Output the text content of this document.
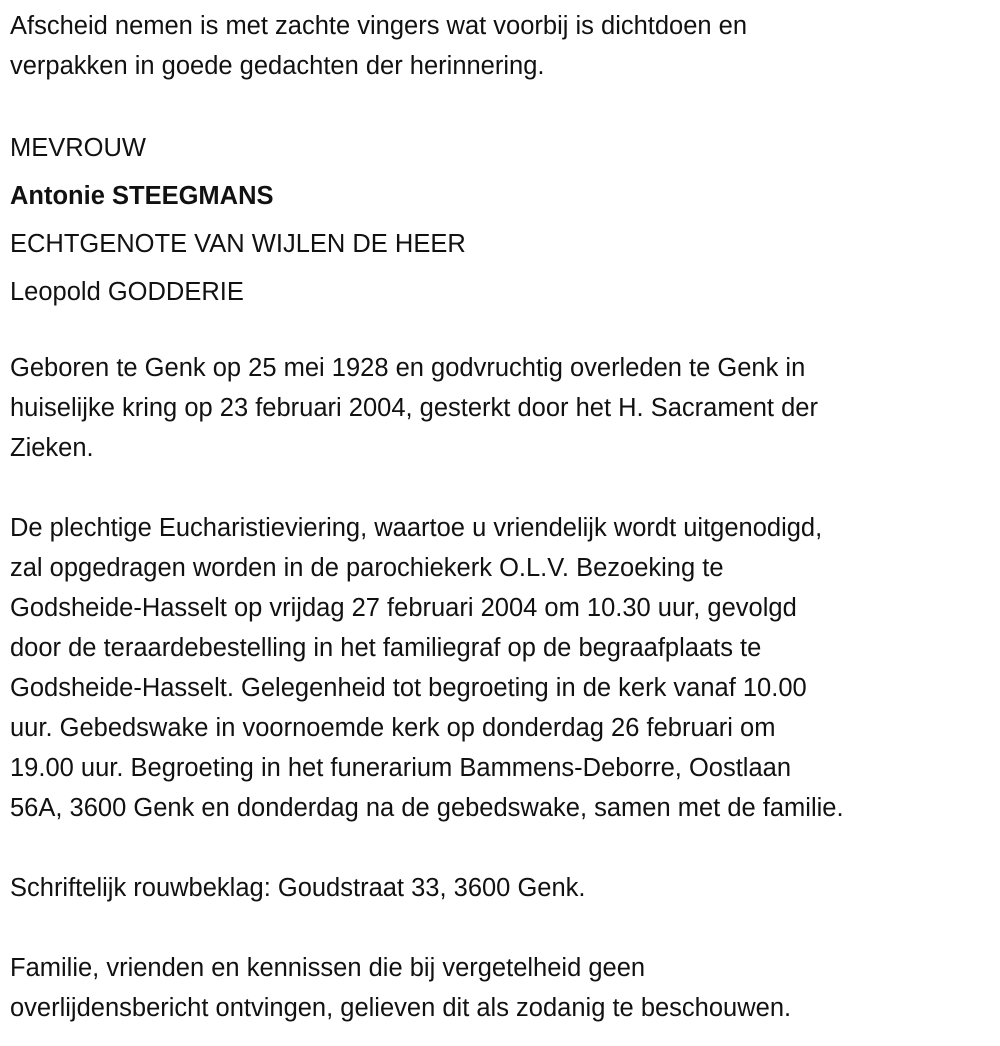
Afscheid nemen is met zachte vingers wat voorbij is dichtdoen en
verpakken in goede gedachten der herinnering.
MEVROUW
Antonie STEEGMANS
ECHTGENOTE VAN WIJLEN DE HEER
Leopold GODDERIE
Geboren te Genk op 25 mei 1928 en godvruchtig overleden te Genk in
huiselijke kring op 23 februari 2004, gesterkt door het H. Sacrament der
Zieken.
De plechtige Eucharistieviering, waartoe u vriendelijk wordt uitgenodigd,
zal opgedragen worden in de parochiekerk O.L.V. Bezoeking te
Godsheide-Hasselt op vrijdag 27 februari 2004 om 10.30 uur, gevolgd
door de teraardebestelling in het familiegraf op de begraafplaats te
Godsheide-Hasselt. Gelegenheid tot begroeting in de kerk vanaf 10.00
uur. Gebedswake in voornoemde kerk op donderdag 26 februari om
19.00 uur. Begroeting in het funerarium Bammens-Deborre, Oostlaan
56A, 3600 Genk en donderdag na de gebedswake, samen met de familie.
Schriftelijk rouwbeklag: Goudstraat 33, 3600 Genk.
Familie, vrienden en kennissen die bij vergetelheid geen
overlijdensbericht ontvingen, gelieven dit als zodanig te beschouwen.
